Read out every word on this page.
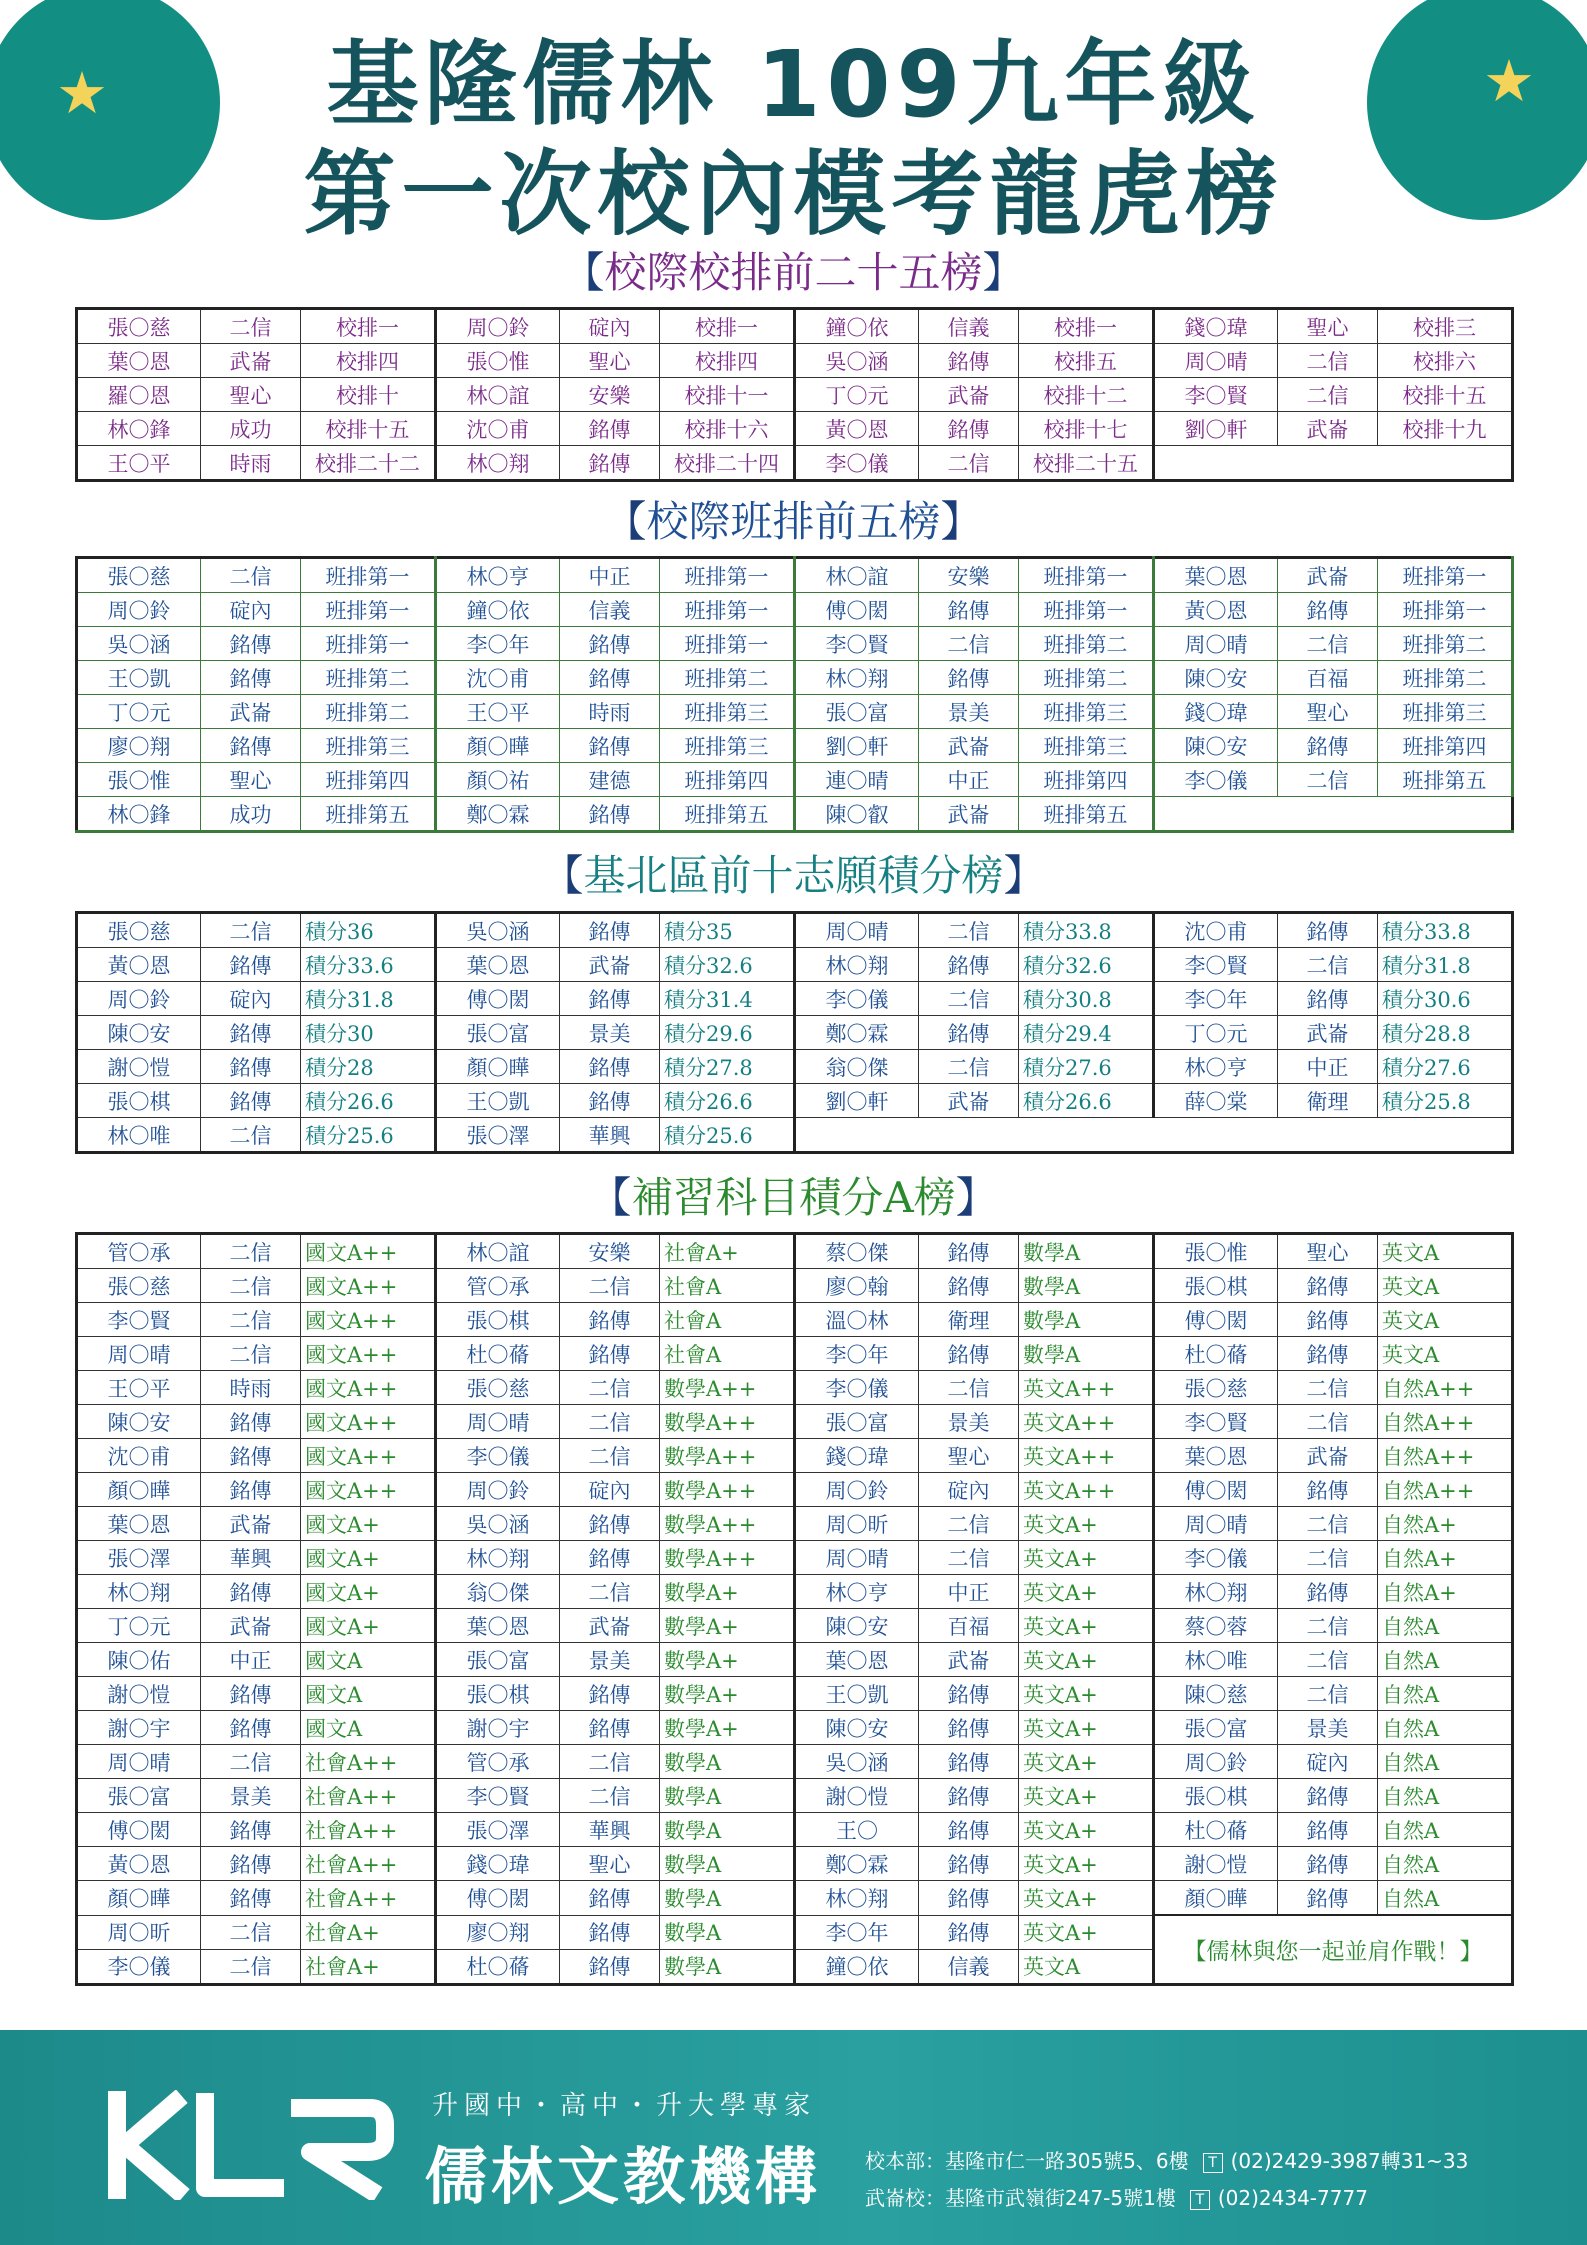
★	★
基隆儒林 109九年級
第一次校內模考龍虎榜
【校際校排前二十五榜】
張〇慈	二信	校排一	周〇鈴	碇內	校排一	鐘〇依	信義	校排一	錢〇瑋	聖心	校排三
葉〇恩	武崙	校排四	張〇惟	聖心	校排四	吳〇涵	銘傳	校排五	周〇晴	二信	校排六
羅〇恩	聖心	校排十	林〇誼	安樂	校排十一	丁〇元	武崙	校排十二	李〇賢	二信	校排十五
林〇鋒	成功	校排十五	沈〇甫	銘傳	校排十六	黃〇恩	銘傳	校排十七	劉〇軒	武崙	校排十九
王〇平	時雨	校排二十二	林〇翔	銘傳	校排二十四	李〇儀	二信	校排二十五			
【校際班排前五榜】
張〇慈	二信	班排第一	林〇亨	中正	班排第一	林〇誼	安樂	班排第一	葉〇恩	武崙	班排第一
周〇鈴	碇內	班排第一	鐘〇依	信義	班排第一	傅〇閎	銘傳	班排第一	黃〇恩	銘傳	班排第一
吳〇涵	銘傳	班排第一	李〇年	銘傳	班排第一	李〇賢	二信	班排第二	周〇晴	二信	班排第二
王〇凱	銘傳	班排第二	沈〇甫	銘傳	班排第二	林〇翔	銘傳	班排第二	陳〇安	百福	班排第二
丁〇元	武崙	班排第二	王〇平	時雨	班排第三	張〇富	景美	班排第三	錢〇瑋	聖心	班排第三
廖〇翔	銘傳	班排第三	顏〇曄	銘傳	班排第三	劉〇軒	武崙	班排第三	陳〇安	銘傳	班排第四
張〇惟	聖心	班排第四	顏〇祐	建德	班排第四	連〇晴	中正	班排第四	李〇儀	二信	班排第五
林〇鋒	成功	班排第五	鄭〇霖	銘傳	班排第五	陳〇叡	武崙	班排第五			
【基北區前十志願積分榜】
張〇慈	二信	積分36	吳〇涵	銘傳	積分35	周〇晴	二信	積分33.8	沈〇甫	銘傳	積分33.8
黃〇恩	銘傳	積分33.6	葉〇恩	武崙	積分32.6	林〇翔	銘傳	積分32.6	李〇賢	二信	積分31.8
周〇鈴	碇內	積分31.8	傅〇閎	銘傳	積分31.4	李〇儀	二信	積分30.8	李〇年	銘傳	積分30.6
陳〇安	銘傳	積分30	張〇富	景美	積分29.6	鄭〇霖	銘傳	積分29.4	丁〇元	武崙	積分28.8
謝〇愷	銘傳	積分28	顏〇曄	銘傳	積分27.8	翁〇傑	二信	積分27.6	林〇亨	中正	積分27.6
張〇棋	銘傳	積分26.6	王〇凱	銘傳	積分26.6	劉〇軒	武崙	積分26.6	薛〇棠	衛理	積分25.8
林〇唯	二信	積分25.6	張〇澤	華興	積分25.6						
【補習科目積分A榜】
管〇承	二信	國文A++	林〇誼	安樂	社會A+	蔡〇傑	銘傳	數學A	張〇惟	聖心	英文A
張〇慈	二信	國文A++	管〇承	二信	社會A	廖〇翰	銘傳	數學A	張〇棋	銘傳	英文A
李〇賢	二信	國文A++	張〇棋	銘傳	社會A	溫〇林	衛理	數學A	傅〇閎	銘傳	英文A
周〇晴	二信	國文A++	杜〇蓨	銘傳	社會A	李〇年	銘傳	數學A	杜〇蓨	銘傳	英文A
王〇平	時雨	國文A++	張〇慈	二信	數學A++	李〇儀	二信	英文A++	張〇慈	二信	自然A++
陳〇安	銘傳	國文A++	周〇晴	二信	數學A++	張〇富	景美	英文A++	李〇賢	二信	自然A++
沈〇甫	銘傳	國文A++	李〇儀	二信	數學A++	錢〇瑋	聖心	英文A++	葉〇恩	武崙	自然A++
顏〇曄	銘傳	國文A++	周〇鈴	碇內	數學A++	周〇鈴	碇內	英文A++	傅〇閎	銘傳	自然A++
葉〇恩	武崙	國文A+	吳〇涵	銘傳	數學A++	周〇昕	二信	英文A+	周〇晴	二信	自然A+
張〇澤	華興	國文A+	林〇翔	銘傳	數學A++	周〇晴	二信	英文A+	李〇儀	二信	自然A+
林〇翔	銘傳	國文A+	翁〇傑	二信	數學A+	林〇亨	中正	英文A+	林〇翔	銘傳	自然A+
丁〇元	武崙	國文A+	葉〇恩	武崙	數學A+	陳〇安	百福	英文A+	蔡〇蓉	二信	自然A
陳〇佑	中正	國文A	張〇富	景美	數學A+	葉〇恩	武崙	英文A+	林〇唯	二信	自然A
謝〇愷	銘傳	國文A	張〇棋	銘傳	數學A+	王〇凱	銘傳	英文A+	陳〇慈	二信	自然A
謝〇宇	銘傳	國文A	謝〇宇	銘傳	數學A+	陳〇安	銘傳	英文A+	張〇富	景美	自然A
周〇晴	二信	社會A++	管〇承	二信	數學A	吳〇涵	銘傳	英文A+	周〇鈴	碇內	自然A
張〇富	景美	社會A++	李〇賢	二信	數學A	謝〇愷	銘傳	英文A+	張〇棋	銘傳	自然A
傅〇閎	銘傳	社會A++	張〇澤	華興	數學A	王〇	銘傳	英文A+	杜〇蓨	銘傳	自然A
黃〇恩	銘傳	社會A++	錢〇瑋	聖心	數學A	鄭〇霖	銘傳	英文A+	謝〇愷	銘傳	自然A
顏〇曄	銘傳	社會A++	傅〇閎	銘傳	數學A	林〇翔	銘傳	英文A+	顏〇曄	銘傳	自然A
周〇昕	二信	社會A+	廖〇翔	銘傳	數學A	李〇年	銘傳	英文A+	【儒林與您一起並肩作戰！】		
李〇儀	二信	社會A+	杜〇蓨	銘傳	數學A	鐘〇依	信義	英文A			
升國中・高中・升大學專家
儒林文教機構 校本部：基隆市仁一路305號5、6樓 T (02)2429-3987轉31~33
武崙校：基隆市武嶺街247-5號1樓 T (02)2434-7777
